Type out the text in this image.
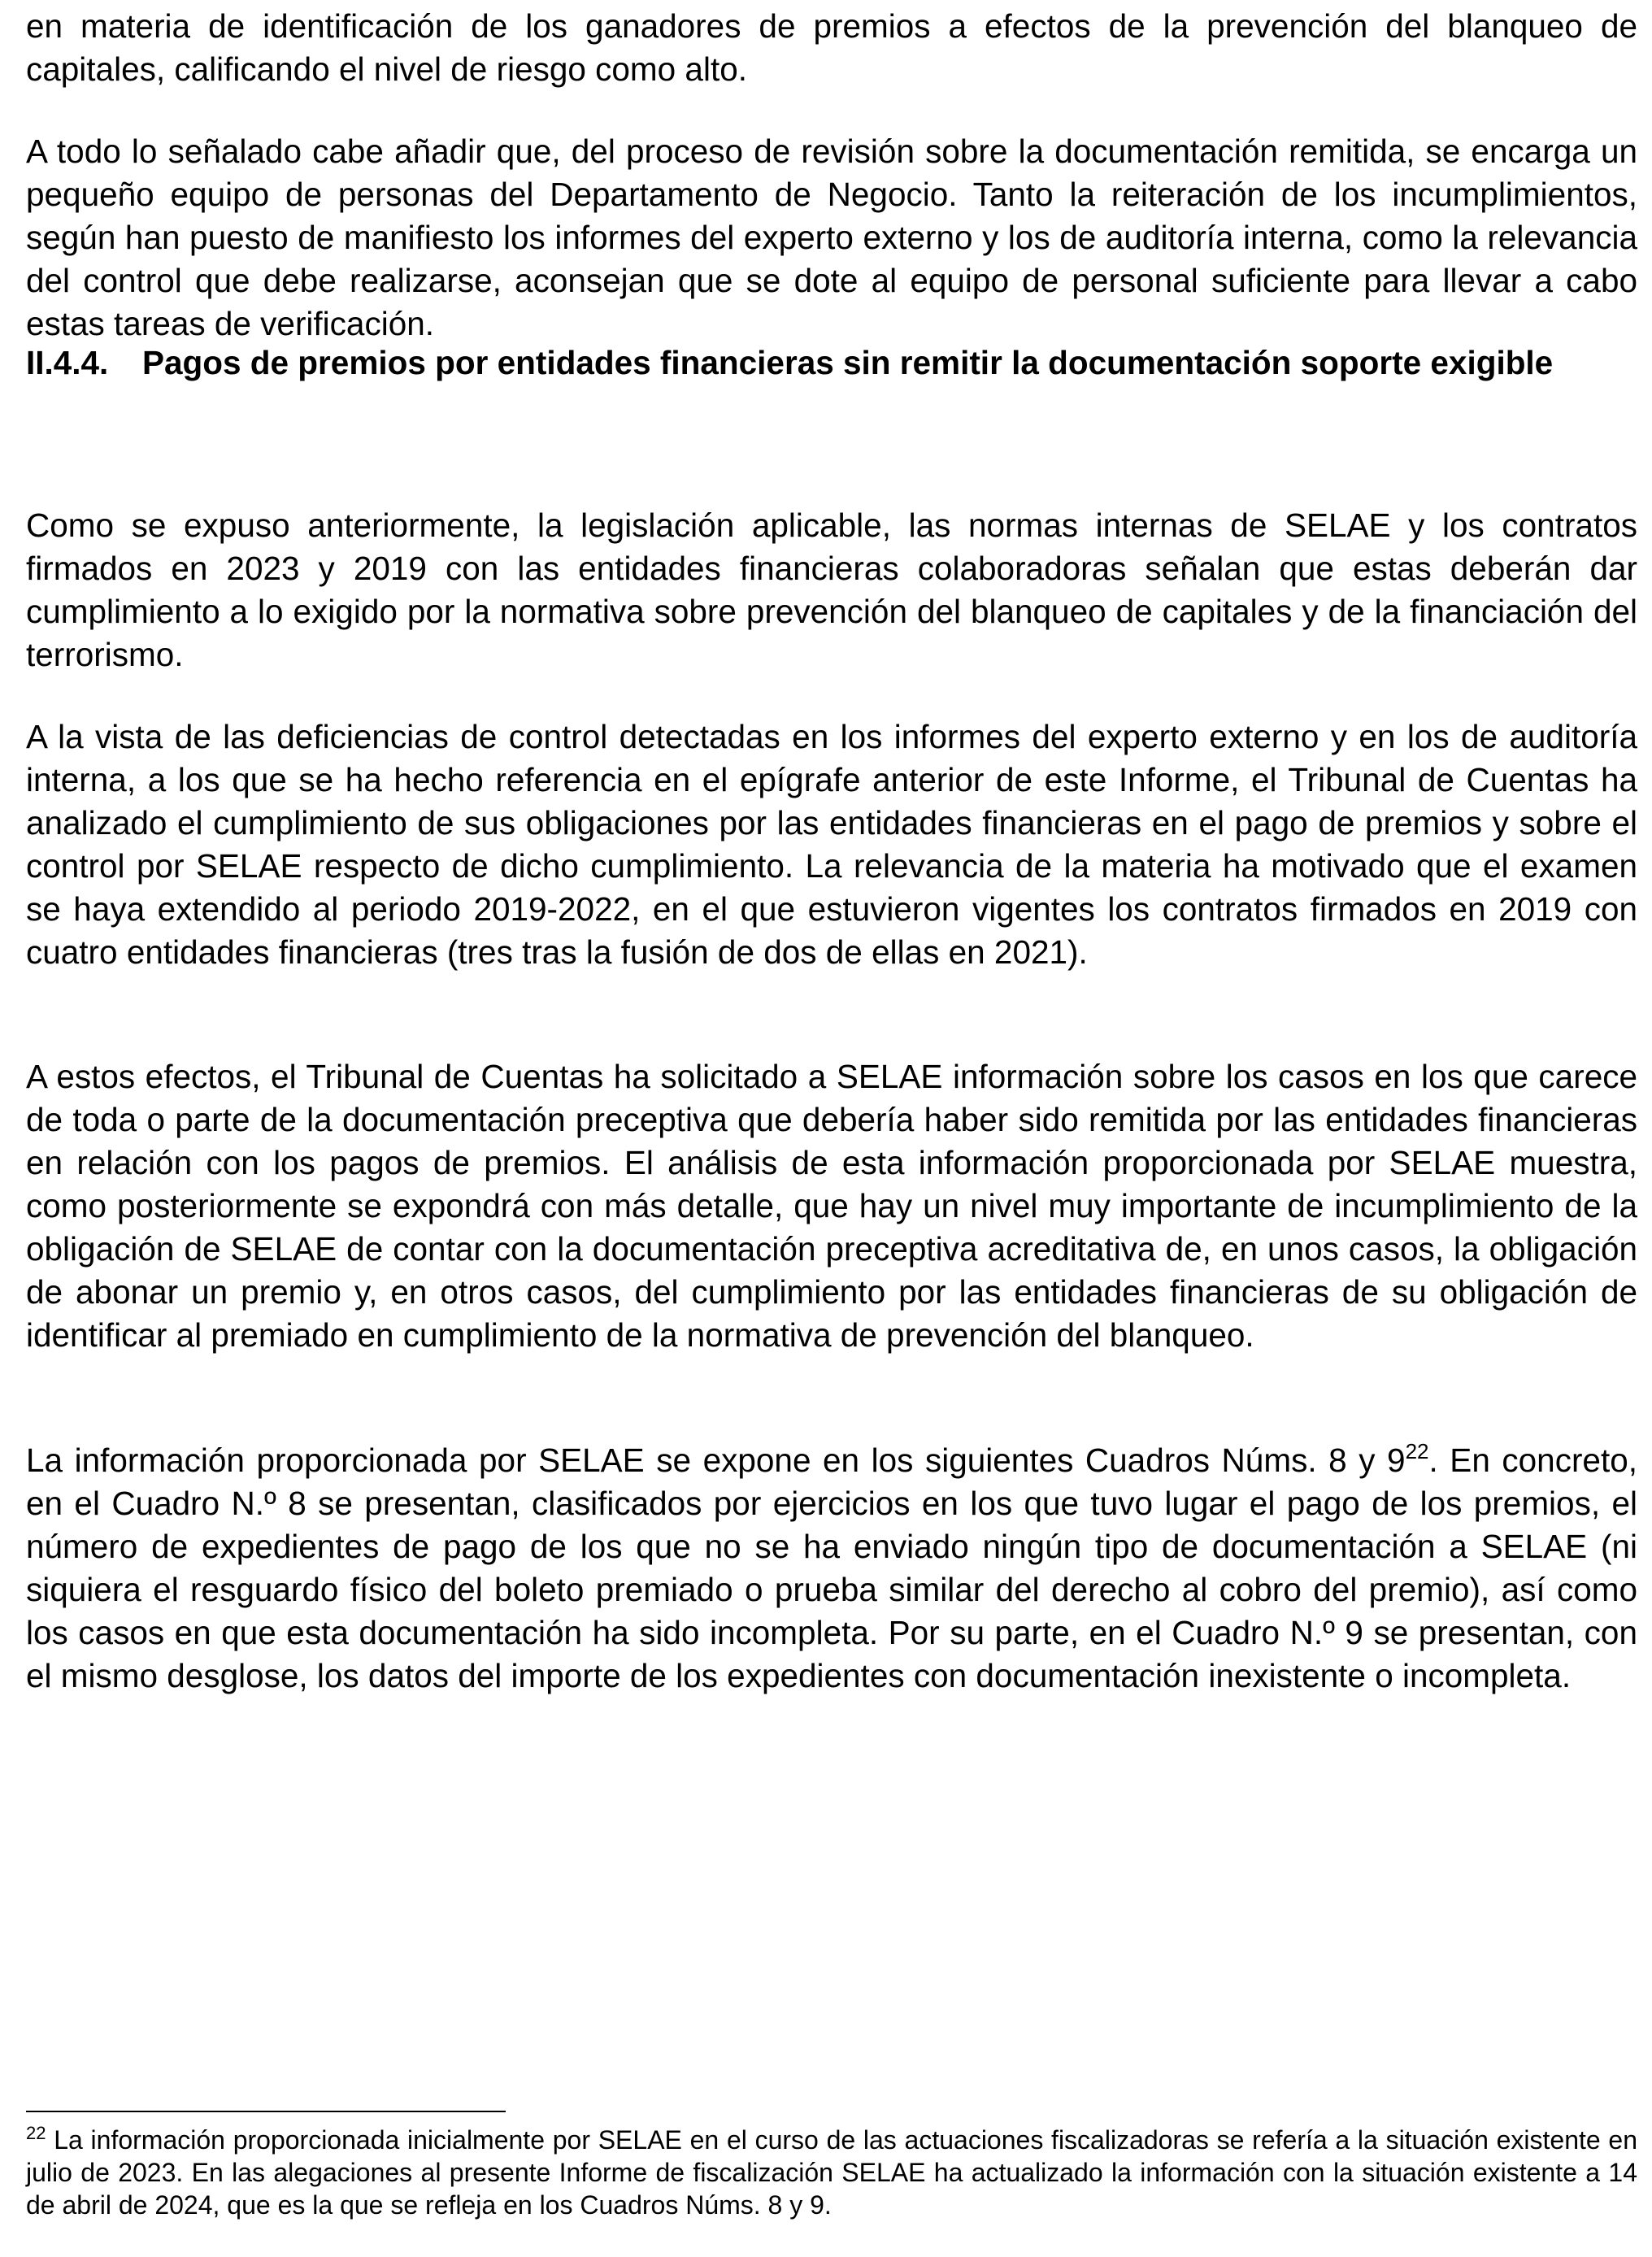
en materia de identificación de los ganadores de premios a efectos de la prevención del blanqueo de capitales, calificando el nivel de riesgo como alto.

A todo lo señalado cabe añadir que, del proceso de revisión sobre la documentación remitida, se encarga un pequeño equipo de personas del Departamento de Negocio. Tanto la reiteración de los incumplimientos, según han puesto de manifiesto los informes del experto externo y los de auditoría interna, como la relevancia del control que debe realizarse, aconsejan que se dote al equipo de personal suficiente para llevar a cabo estas tareas de verificación.

II.4.4. Pagos de premios por entidades financieras sin remitir la documentación soporte exigible

Como se expuso anteriormente, la legislación aplicable, las normas internas de SELAE y los contratos firmados en 2023 y 2019 con las entidades financieras colaboradoras señalan que estas deberán dar cumplimiento a lo exigido por la normativa sobre prevención del blanqueo de capitales y de la financiación del terrorismo.

A la vista de las deficiencias de control detectadas en los informes del experto externo y en los de auditoría interna, a los que se ha hecho referencia en el epígrafe anterior de este Informe, el Tribunal de Cuentas ha analizado el cumplimiento de sus obligaciones por las entidades financieras en el pago de premios y sobre el control por SELAE respecto de dicho cumplimiento. La relevancia de la materia ha motivado que el examen se haya extendido al periodo 2019-2022, en el que estuvieron vigentes los contratos firmados en 2019 con cuatro entidades financieras (tres tras la fusión de dos de ellas en 2021).

A estos efectos, el Tribunal de Cuentas ha solicitado a SELAE información sobre los casos en los que carece de toda o parte de la documentación preceptiva que debería haber sido remitida por las entidades financieras en relación con los pagos de premios. El análisis de esta información proporcionada por SELAE muestra, como posteriormente se expondrá con más detalle, que hay un nivel muy importante de incumplimiento de la obligación de SELAE de contar con la documentación preceptiva acreditativa de, en unos casos, la obligación de abonar un premio y, en otros casos, del cumplimiento por las entidades financieras de su obligación de identificar al premiado en cumplimiento de la normativa de prevención del blanqueo.

La información proporcionada por SELAE se expone en los siguientes Cuadros Núms. 8 y $9^{22}$. En concreto, en el Cuadro N.º 8 se presentan, clasificados por ejercicios en los que tuvo lugar el pago de los premios, el número de expedientes de pago de los que no se ha enviado ningún tipo de documentación a SELAE (ni siquiera el resguardo físico del boleto premiado o prueba similar del derecho al cobro del premio), así como los casos en que esta documentación ha sido incompleta. Por su parte, en el Cuadro N.º 9 se presentan, con el mismo desglose, los datos del importe de los expedientes con documentación inexistente o incompleta.

$^{22}$ La información proporcionada inicialmente por SELAE en el curso de las actuaciones fiscalizadoras se refería a la situación existente en julio de 2023. En las alegaciones al presente Informe de fiscalización SELAE ha actualizado la información con la situación existente a 14 de abril de 2024, que es la que se refleja en los Cuadros Núms. 8 y 9.
